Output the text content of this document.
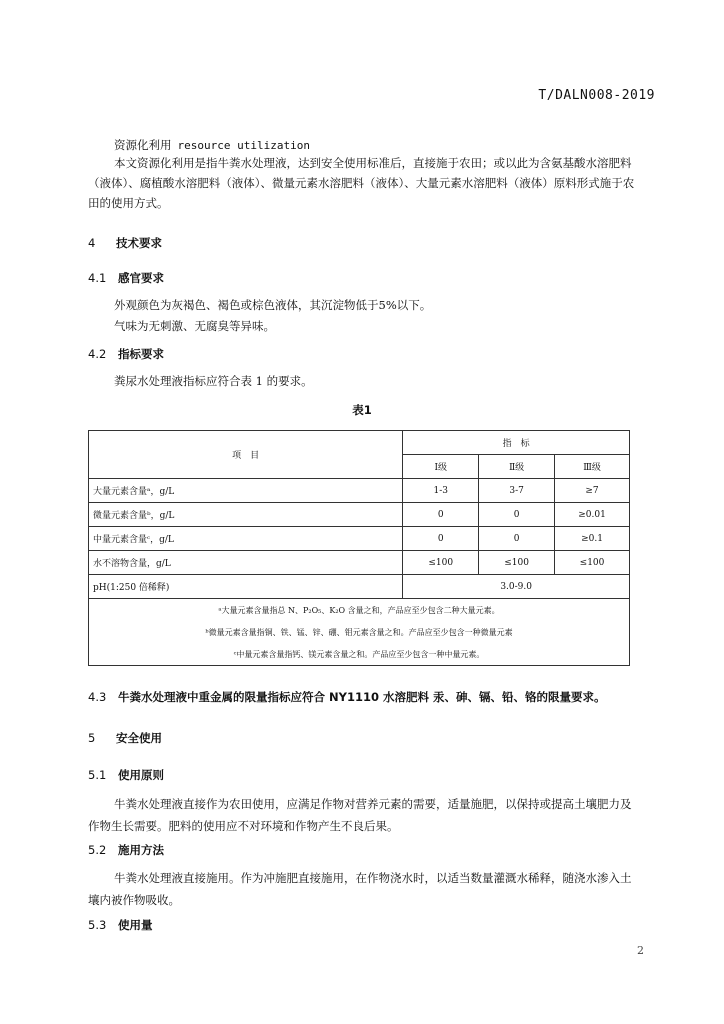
T/DALN008-2019
资源化利用 resource utilization
本文资源化利用是指牛粪水处理液，达到安全使用标准后，直接施于农田；或以此为含氨基酸水溶肥料（液体）、腐植酸水溶肥料（液体）、微量元素水溶肥料（液体）、大量元素水溶肥料（液体）原料形式施于农田的使用方式。
4 技术要求
4.1 感官要求
外观颜色为灰褐色、褐色或棕色液体，其沉淀物低于5%以下。
气味为无刺激、无腐臭等异味。
4.2 指标要求
粪尿水处理液指标应符合表 1 的要求。
表1
项　目	指　标		
	Ⅰ级	Ⅱ级	Ⅲ级
大量元素含量ᵃ，g/L	1-3	3-7	≥7
微量元素含量ᵇ，g/L	0	0	≥0.01
中量元素含量ᶜ，g/L	0	0	≥0.1
水不溶物含量，g/L	≤100	≤100	≤100
pH(1:250 倍稀释)	3.0-9.0		
ᵃ大量元素含量指总 N、P₂O₅、K₂O 含量之和，产品应至少包含二种大量元素。			
ᵇ微量元素含量指铜、铁、锰、锌、硼、钼元素含量之和。产品应至少包含一种微量元素			
ᶜ中量元素含量指钙、镁元素含量之和。产品应至少包含一种中量元素。			
4.3 牛粪水处理液中重金属的限量指标应符合 NY1110 水溶肥料 汞、砷、镉、铅、铬的限量要求。
5 安全使用
5.1 使用原则
牛粪水处理液直接作为农田使用，应满足作物对营养元素的需要，适量施肥，以保持或提高土壤肥力及作物生长需要。肥料的使用应不对环境和作物产生不良后果。
5.2 施用方法
牛粪水处理液直接施用。作为冲施肥直接施用，在作物浇水时，以适当数量灌溉水稀释，随浇水渗入土壤内被作物吸收。
5.3 使用量
2
